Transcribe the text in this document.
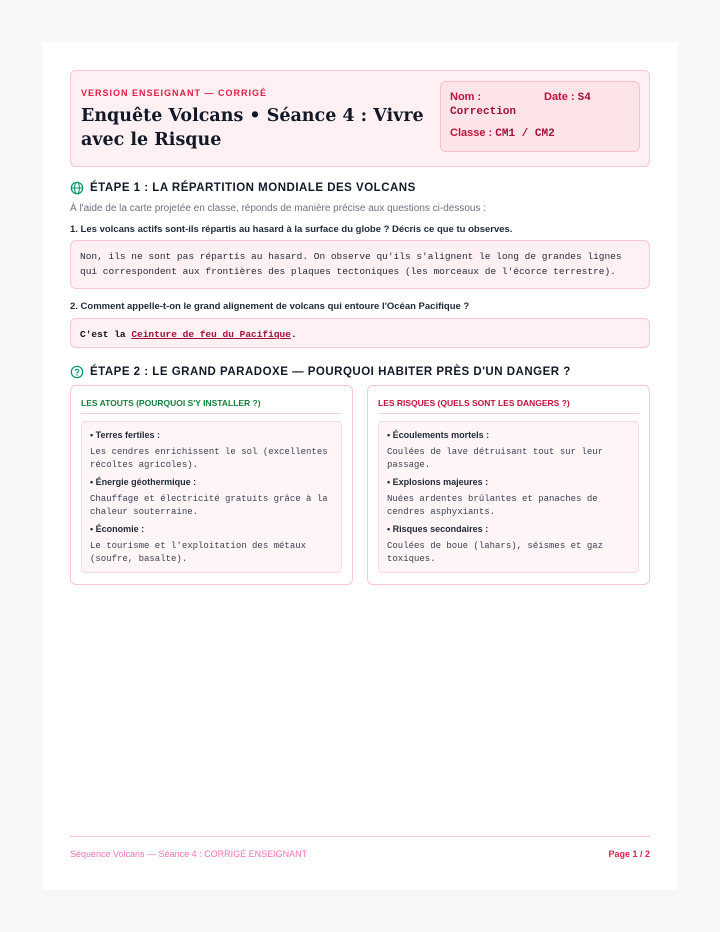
VERSION ENSEIGNANT — CORRIGÉ
Enquête Volcans • Séance 4 : Vivre avec le Risque
Nom :
Correction
Date : S4
Classe : CM1 / CM2
ÉTAPE 1 : LA RÉPARTITION MONDIALE DES VOLCANS
À l'aide de la carte projetée en classe, réponds de manière précise aux questions ci-dessous :
1. Les volcans actifs sont-ils répartis au hasard à la surface du globe ? Décris ce que tu observes.
Non, ils ne sont pas répartis au hasard. On observe qu'ils s'alignent le long de grandes lignes qui correspondent aux frontières des plaques tectoniques (les morceaux de l'écorce terrestre).
2. Comment appelle-t-on le grand alignement de volcans qui entoure l'Océan Pacifique ?
C'est la Ceinture de feu du Pacifique.
ÉTAPE 2 : LE GRAND PARADOXE — POURQUOI HABITER PRÈS D'UN DANGER ?
LES ATOUTS (POURQUOI S'Y INSTALLER ?)
• Terres fertiles :
Les cendres enrichissent le sol (excellentes récoltes agricoles).
• Énergie géothermique :
Chauffage et électricité gratuits grâce à la chaleur souterraine.
• Économie :
Le tourisme et l'exploitation des métaux (soufre, basalte).
LES RISQUES (QUELS SONT LES DANGERS ?)
• Écoulements mortels :
Coulées de lave détruisant tout sur leur passage.
• Explosions majeures :
Nuées ardentes brûlantes et panaches de cendres asphyxiants.
• Risques secondaires :
Coulées de boue (lahars), séismes et gaz toxiques.
Séquence Volcans — Séance 4 : CORRIGÉ ENSEIGNANT	Page 1 / 2
